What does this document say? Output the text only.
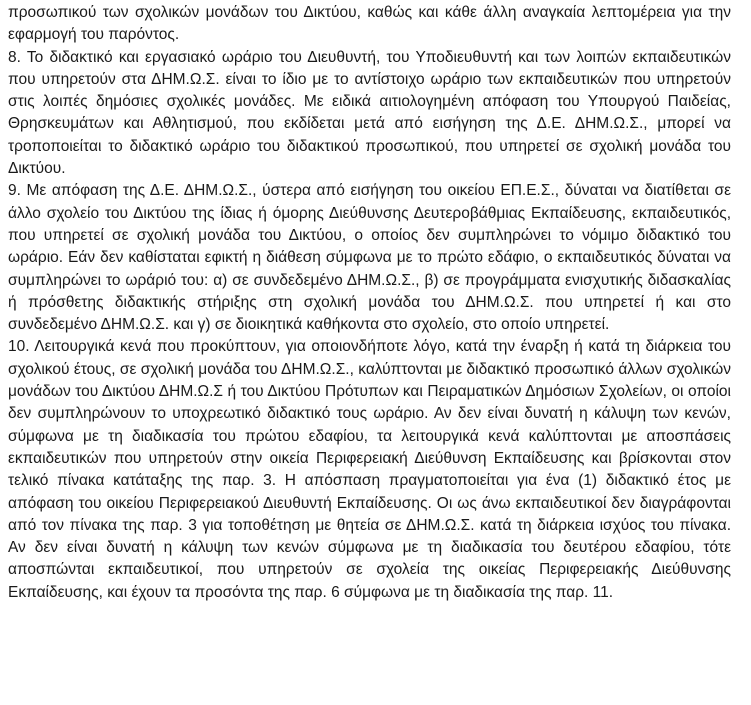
προσωπικού των σχολικών μονάδων του Δικτύου, καθώς και κάθε άλλη αναγκαία λεπτομέρεια για την εφαρμογή του παρόντος.

8. Το διδακτικό και εργασιακό ωράριο του Διευθυντή, του Υποδιευθυντή και των λοιπών εκπαιδευτικών που υπηρετούν στα ΔΗΜ.Ω.Σ. είναι το ίδιο με το αντίστοιχο ωράριο των εκπαιδευτικών που υπηρετούν στις λοιπές δημόσιες σχολικές μονάδες. Με ειδικά αιτιολογημένη απόφαση του Υπουργού Παιδείας, Θρησκευμάτων και Αθλητισμού, που εκδίδεται μετά από εισήγηση της Δ.Ε. ΔΗΜ.Ω.Σ., μπορεί να τροποποιείται το διδακτικό ωράριο του διδακτικού προσωπικού, που υπηρετεί σε σχολική μονάδα του Δικτύου.

9. Με απόφαση της Δ.Ε. ΔΗΜ.Ω.Σ., ύστερα από εισήγηση του οικείου ΕΠ.Ε.Σ., δύναται να διατίθεται σε άλλο σχολείο του Δικτύου της ίδιας ή όμορης Διεύθυνσης Δευτεροβάθμιας Εκπαίδευσης, εκπαιδευτικός, που υπηρετεί σε σχολική μονάδα του Δικτύου, ο οποίος δεν συμπληρώνει το νόμιμο διδακτικό του ωράριο. Εάν δεν καθίσταται εφικτή η διάθεση σύμφωνα με το πρώτο εδάφιο, ο εκπαιδευτικός δύναται να συμπληρώνει το ωράριό του: α) σε συνδεδεμένο ΔΗΜ.Ω.Σ., β) σε προγράμματα ενισχυτικής διδασκαλίας ή πρόσθετης διδακτικής στήριξης στη σχολική μονάδα του ΔΗΜ.Ω.Σ. που υπηρετεί ή και στο συνδεδεμένο ΔΗΜ.Ω.Σ. και γ) σε διοικητικά καθήκοντα στο σχολείο, στο οποίο υπηρετεί.

10. Λειτουργικά κενά που προκύπτουν, για οποιονδήποτε λόγο, κατά την έναρξη ή κατά τη διάρκεια του σχολικού έτους, σε σχολική μονάδα του ΔΗΜ.Ω.Σ., καλύπτονται με διδακτικό προσωπικό άλλων σχολικών μονάδων του Δικτύου ΔΗΜ.Ω.Σ ή του Δικτύου Πρότυπων και Πειραματικών Δημόσιων Σχολείων, οι οποίοι δεν συμπληρώνουν το υποχρεωτικό διδακτικό τους ωράριο. Αν δεν είναι δυνατή η κάλυψη των κενών, σύμφωνα με τη διαδικασία του πρώτου εδαφίου, τα λειτουργικά κενά καλύπτονται με αποσπάσεις εκπαιδευτικών που υπηρετούν στην οικεία Περιφερειακή Διεύθυνση Εκπαίδευσης και βρίσκονται στον τελικό πίνακα κατάταξης της παρ. 3. Η απόσπαση πραγματοποιείται για ένα (1) διδακτικό έτος με απόφαση του οικείου Περιφερειακού Διευθυντή Εκπαίδευσης. Οι ως άνω εκπαιδευτικοί δεν διαγράφονται από τον πίνακα της παρ. 3 για τοποθέτηση με θητεία σε ΔΗΜ.Ω.Σ. κατά τη διάρκεια ισχύος του πίνακα. Αν δεν είναι δυνατή η κάλυψη των κενών σύμφωνα με τη διαδικασία του δευτέρου εδαφίου, τότε αποσπώνται εκπαιδευτικοί, που υπηρετούν σε σχολεία της οικείας Περιφερειακής Διεύθυνσης Εκπαίδευσης, και έχουν τα προσόντα της παρ. 6 σύμφωνα με τη διαδικασία της παρ. 11.
